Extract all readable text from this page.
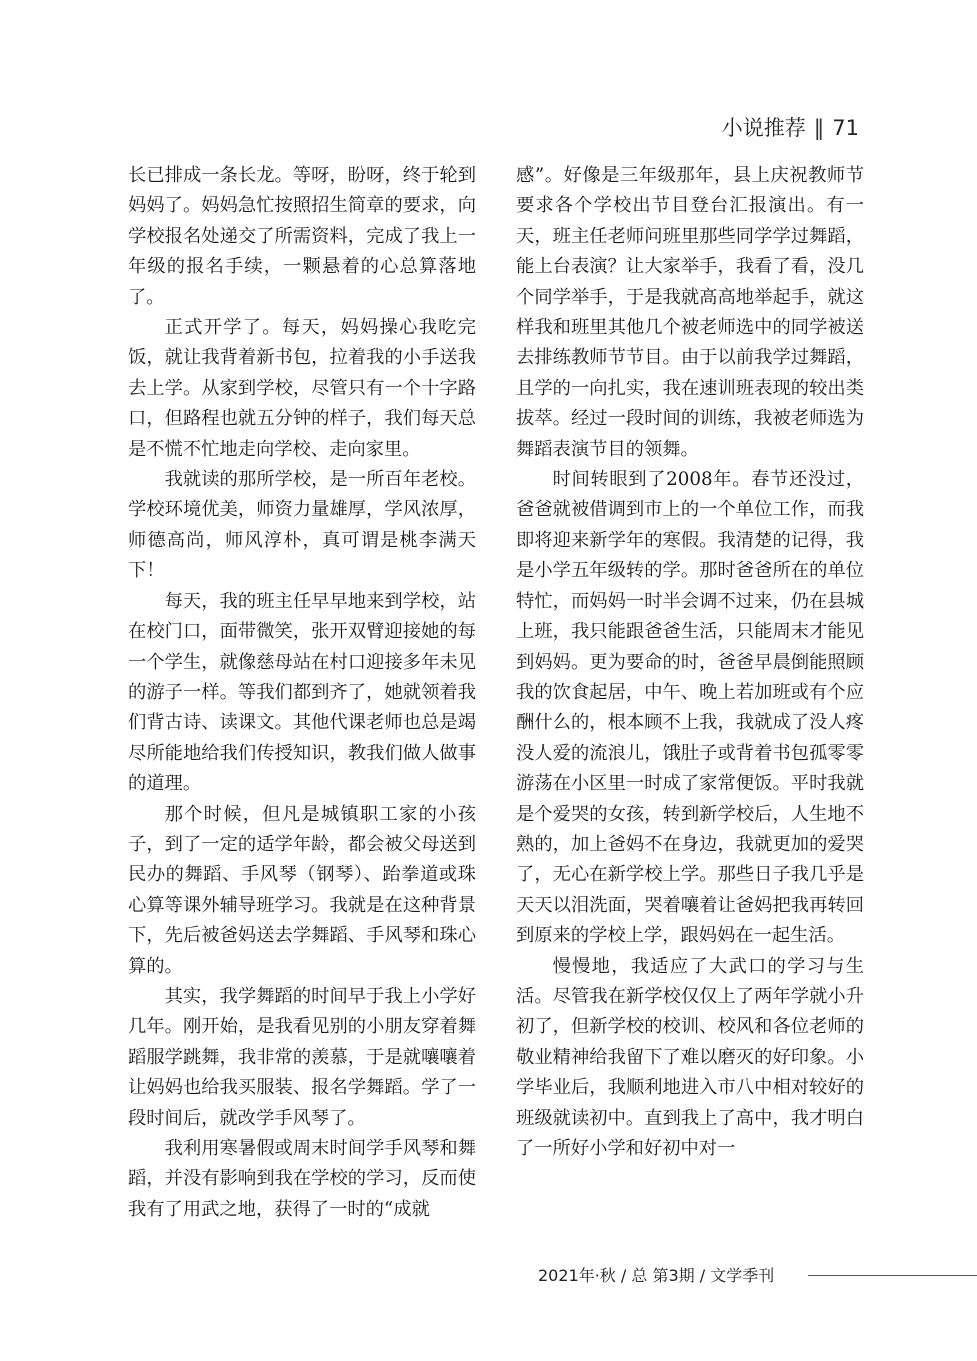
小说推荐 ‖ 71

长已排成一条长龙。等呀，盼呀，终于轮到妈妈了。妈妈急忙按照招生简章的要求，向学校报名处递交了所需资料，完成了我上一年级的报名手续，一颗悬着的心总算落地了。

正式开学了。每天，妈妈操心我吃完饭，就让我背着新书包，拉着我的小手送我去上学。从家到学校，尽管只有一个十字路口，但路程也就五分钟的样子，我们每天总是不慌不忙地走向学校、走向家里。

我就读的那所学校，是一所百年老校。学校环境优美，师资力量雄厚，学风浓厚，师德高尚，师风淳朴，真可谓是桃李满天下！

每天，我的班主任早早地来到学校，站在校门口，面带微笑，张开双臂迎接她的每一个学生，就像慈母站在村口迎接多年未见的游子一样。等我们都到齐了，她就领着我们背古诗、读课文。其他代课老师也总是竭尽所能地给我们传授知识，教我们做人做事的道理。

那个时候，但凡是城镇职工家的小孩子，到了一定的适学年龄，都会被父母送到民办的舞蹈、手风琴（钢琴）、跆拳道或珠心算等课外辅导班学习。我就是在这种背景下，先后被爸妈送去学舞蹈、手风琴和珠心算的。

其实，我学舞蹈的时间早于我上小学好几年。刚开始，是我看见别的小朋友穿着舞蹈服学跳舞，我非常的羡慕，于是就嚷嚷着让妈妈也给我买服装、报名学舞蹈。学了一段时间后，就改学手风琴了。

我利用寒暑假或周末时间学手风琴和舞蹈，并没有影响到我在学校的学习，反而使我有了用武之地，获得了一时的“成就

感”。好像是三年级那年，县上庆祝教师节要求各个学校出节目登台汇报演出。有一天，班主任老师问班里那些同学学过舞蹈，能上台表演？让大家举手，我看了看，没几个同学举手，于是我就高高地举起手，就这样我和班里其他几个被老师选中的同学被送去排练教师节节目。由于以前我学过舞蹈，且学的一向扎实，我在速训班表现的较出类拔萃。经过一段时间的训练，我被老师选为舞蹈表演节目的领舞。

时间转眼到了2008年。春节还没过，爸爸就被借调到市上的一个单位工作，而我即将迎来新学年的寒假。我清楚的记得，我是小学五年级转的学。那时爸爸所在的单位特忙，而妈妈一时半会调不过来，仍在县城上班，我只能跟爸爸生活，只能周末才能见到妈妈。更为要命的时，爸爸早晨倒能照顾我的饮食起居，中午、晚上若加班或有个应酬什么的，根本顾不上我，我就成了没人疼没人爱的流浪儿，饿肚子或背着书包孤零零游荡在小区里一时成了家常便饭。平时我就是个爱哭的女孩，转到新学校后，人生地不熟的，加上爸妈不在身边，我就更加的爱哭了，无心在新学校上学。那些日子我几乎是天天以泪洗面，哭着嚷着让爸妈把我再转回到原来的学校上学，跟妈妈在一起生活。

慢慢地，我适应了大武口的学习与生活。尽管我在新学校仅仅上了两年学就小升初了，但新学校的校训、校风和各位老师的敬业精神给我留下了难以磨灭的好印象。小学毕业后，我顺利地进入市八中相对较好的班级就读初中。直到我上了高中，我才明白了一所好小学和好初中对一

2021年·秋 / 总 第3期 / 文学季刊
